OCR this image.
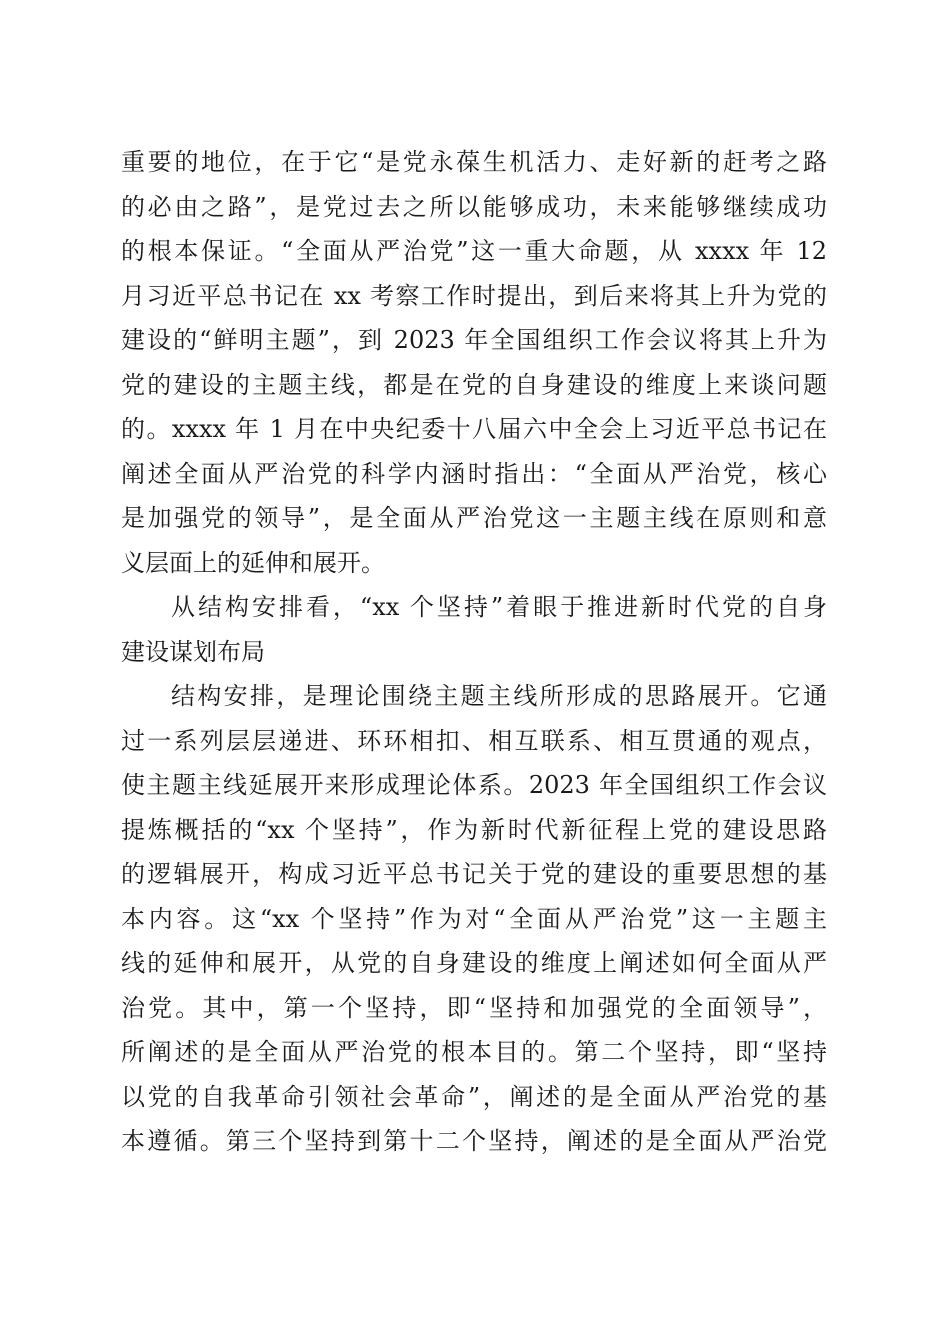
重要的地位，在于它“是党永葆生机活力、走好新的赶考之路
的必由之路”，是党过去之所以能够成功，未来能够继续成功
的根本保证。“全面从严治党”这一重大命题，从 xxxx 年 12
月习近平总书记在 xx 考察工作时提出，到后来将其上升为党的
建设的“鲜明主题”，到 2023 年全国组织工作会议将其上升为
党的建设的主题主线，都是在党的自身建设的维度上来谈问题
的。xxxx 年 1 月在中央纪委十八届六中全会上习近平总书记在
阐述全面从严治党的科学内涵时指出：“全面从严治党，核心
是加强党的领导”，是全面从严治党这一主题主线在原则和意
义层面上的延伸和展开。
从结构安排看，“xx 个坚持”着眼于推进新时代党的自身
建设谋划布局
结构安排，是理论围绕主题主线所形成的思路展开。它通
过一系列层层递进、环环相扣、相互联系、相互贯通的观点，
使主题主线延展开来形成理论体系。2023 年全国组织工作会议
提炼概括的“xx 个坚持”，作为新时代新征程上党的建设思路
的逻辑展开，构成习近平总书记关于党的建设的重要思想的基
本内容。这“xx 个坚持”作为对“全面从严治党”这一主题主
线的延伸和展开，从党的自身建设的维度上阐述如何全面从严
治党。其中，第一个坚持，即“坚持和加强党的全面领导”，
所阐述的是全面从严治党的根本目的。第二个坚持，即“坚持
以党的自我革命引领社会革命”，阐述的是全面从严治党的基
本遵循。第三个坚持到第十二个坚持，阐述的是全面从严治党
